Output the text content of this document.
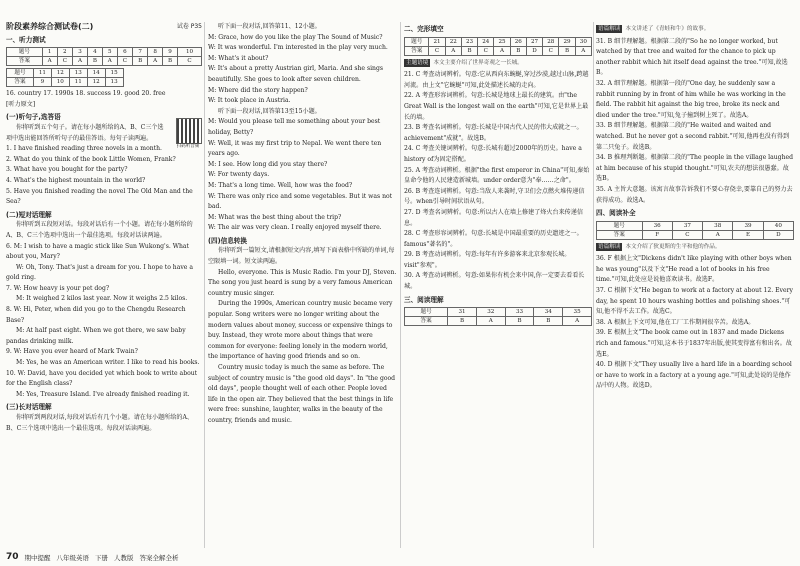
阶段素养综合测试卷(二)	试卷 P35
一、听力测试
题号	1	2	3	4	5	6	7	8	9	10
答案	A	C	A	B	A	C	B	A	B	C
题号	11	12	13	14	15
答案	9	10	11	12	13

16. country 17. 1990s 18. success 19. good 20. free

[听力原文]

(一)听句子,选答语

你将听到五个句子。请在每小题所给的A、B、C三个选项中选出能回答所听句子的最佳答语。每句子读两遍。

1. I have finished reading three novels in a month.

2. What do you think of the book Little Women, Frank?

3. What have you bought for the party?

4. What's the highest mountain in the world?

5. Have you finished reading the novel The Old Man and the Sea?

(二)短对话理解

你将听到五段短对话。每段对话后有一个小题。请在每小题所给的A、B、C三个选项中选出一个最佳选项。每段对话读两遍。

6. M: I wish to have a magic stick like Sun Wukong's. What about you, Mary?

W: Oh, Tony. That's just a dream for you. I hope to have a gold ring.

7. W: How heavy is your pet dog?

M: It weighed 2 kilos last year. Now it weighs 2.5 kilos.

8. W: Hi, Peter, when did you go to the Chengdu Research Base?

M: At half past eight. When we got there, we saw baby pandas drinking milk.

9. W: Have you ever heard of Mark Twain?

M: Yes, he was an American writer. I like to read his books.

10. W: David, have you decided yet which book to write about for the English class?

M: Yes, Treasure Island. I've already finished reading it.

(三)长对话理解

你将听到两段对话,每段对话后有几个小题。请在每小题所给的A、B、C三个选项中选出一个最佳选项。每段对话读两遍。

扫码听音频

听下面一段对话,回答第11、12小题。

M: Grace, how do you like the play The Sound of Music?

W: It was wonderful. I'm interested in the play very much.

M: What's it about?

W: It's about a pretty Austrian girl, Maria. And she sings beautifully. She goes to look after seven children.

M: Where did the story happen?

W: It took place in Austria.

听下面一段对话,回答第13至15小题。

M: Would you please tell me something about your best holiday, Betty?

W: Well, it was my first trip to Nepal. We went there ten years ago.

M: I see. How long did you stay there?

W: For twenty days.

M: That's a long time. Well, how was the food?

W: There was only rice and some vegetables. But it was not bad.

M: What was the best thing about the trip?

W: The air was very clean. I really enjoyed myself there.

(四)信息转换

你将听到一篇短文,请根据短文内容,填写下面表格中所缺的单词,每空限填一词。短文读两遍。

Hello, everyone. This is Music Radio. I'm your DJ, Steven. The song you just heard is sung by a very famous American country music singer.

During the 1990s, American country music became very popular. Song writers were no longer writing about the modern values about money, success or expensive things to buy. Instead, they wrote more about things that were common for everyone: feeling lonely in the modern world, the importance of having good friends and so on.

Country music today is much the same as before. The subject of country music is "the good old days". In "the good old days", people thought well of each other. People loved life in the open air. They believed that the best things in life were free: sunshine, laughter, walks in the beauty of the country, friends and music.

二、完形填空
题号	21	22	23	24	25	26	27	28	29	30
答案	C	A	B	C	A	B	D	C	B	A
主题语境 本文主要介绍了世界奇观之一长城。

21. C 考查动词辨析。句意:它从西向东蜿蜒,穿过沙漠,越过山脉,跨越河流。由上文"它蜿蜒"可知,此处描述长城的走向。

22. A 考查形容词辨析。句意:长城是地球上最长的建筑。由"the Great Wall is the longest wall on the earth"可知,它是世界上最长的墙。

23. B 考查名词辨析。句意:长城是中国古代人民的伟大成就之一。achievement"成就"。故选B。

24. C 考查关键词辨析。句意:长城有超过2000年的历史。have a history of为固定搭配。

25. A 考查动词辨析。根据"the first emperor in China"可知,秦始皇命令他的人民建造新城墙。under order意为"奉……之命"。

26. B 考查连词辨析。句意:当敌人来袭时,守卫们会点燃火堆传递信号。when引导时间状语从句。

27. D 考查名词辨析。句意:所以古人在墙上修建了烽火台来传递信息。

28. C 考查形容词辨析。句意:长城是中国最重要的历史遗迹之一。famous"著名的"。

29. B 考查动词辨析。句意:每年有许多游客来北京参观长城。visit"参观"。

30. A 考查动词辨析。句意:如果你有机会来中国,你一定要去看看长城。

三、阅读理解
题号	31	32	33	34	35
答案	B	A	B	B	A
语篇解读 本文讲述了《青蛙和牛》的故事。

31. B 细节理解题。根据第二段的"So he no longer worked, but watched by that tree and waited for the chance to pick up another rabbit which hit itself dead against the tree."可知,故选B。

32. A 细节理解题。根据第一段的"One day, he suddenly saw a rabbit running by in front of him while he was working in the field. The rabbit hit against the big tree, broke its neck and died under the tree."可知,兔子撞到树上死了。故选A。

33. B 细节理解题。根据第二段的"He waited and waited and watched. But he never got a second rabbit."可知,他再也没有得到第二只兔子。故选B。

34. B 推理判断题。根据第二段的"The people in the village laughed at him because of his stupid thought."可知,农夫的想法很愚蠢。故选B。

35. A 主旨大意题。该寓言故事告诉我们不要心存侥幸,要靠自己的努力去获得成功。故选A。

四、阅读补全
题号	36	37	38	39	40
答案	F	C	A	E	D
语篇解读 本文介绍了狄更斯的生平和他的作品。

36. F 根据上文"Dickens didn't like playing with other boys when he was young"以及下文"He read a lot of books in his free time."可知,此处应是说他喜欢读书。故选F。

37. C 根据下文"He began to work at a factory at about 12. Every day, he spent 10 hours washing bottles and polishing shoes."可知,他不得不去工作。故选C。

38. A 根据上下文可知,他在工厂工作期间很辛苦。故选A。

39. E 根据上文"The book came out in 1837 and made Dickens rich and famous."可知,这本书于1837年出版,使其变得富有和出名。故选E。

40. D 根据下文"They usually live a hard life in a boarding school or have to work in a factory at a young age."可知,此处说的是他作品中的人物。故选D。

70 期中提醒 八年级英语 下册 人教版 答案全解全析
